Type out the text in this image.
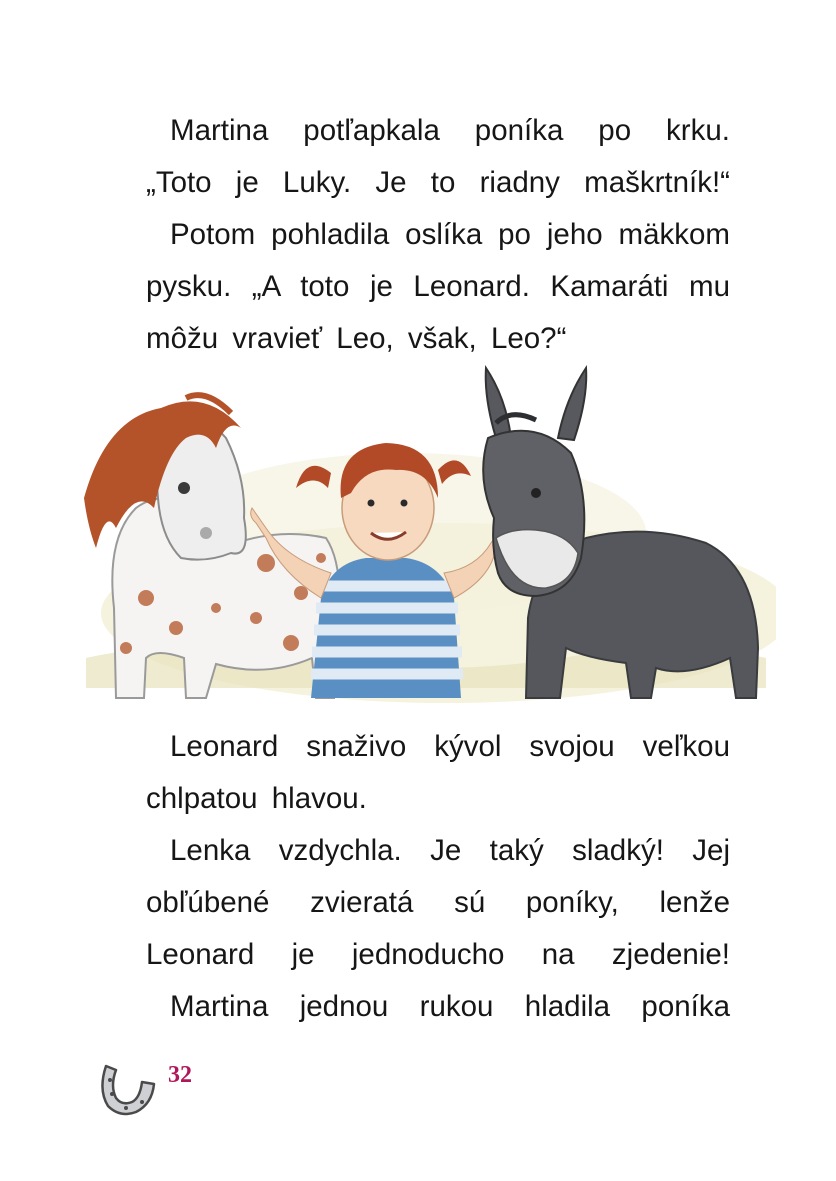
Martina potľapkala poníka po krku.
„Toto je Luky. Je to riadny maškrtník!“
Potom pohladila oslíka po jeho mäkkom
pysku. „A toto je Leonard. Kamaráti mu
môžu vravieť Leo, však, Leo?“
Leonard snaživo kývol svojou veľkou
chlpatou hlavou.
Lenka vzdychla. Je taký sladký! Jej
obľúbené zvieratá sú poníky, lenže
Leonard je jednoducho na zjedenie!
Martina jednou rukou hladila poníka
32
